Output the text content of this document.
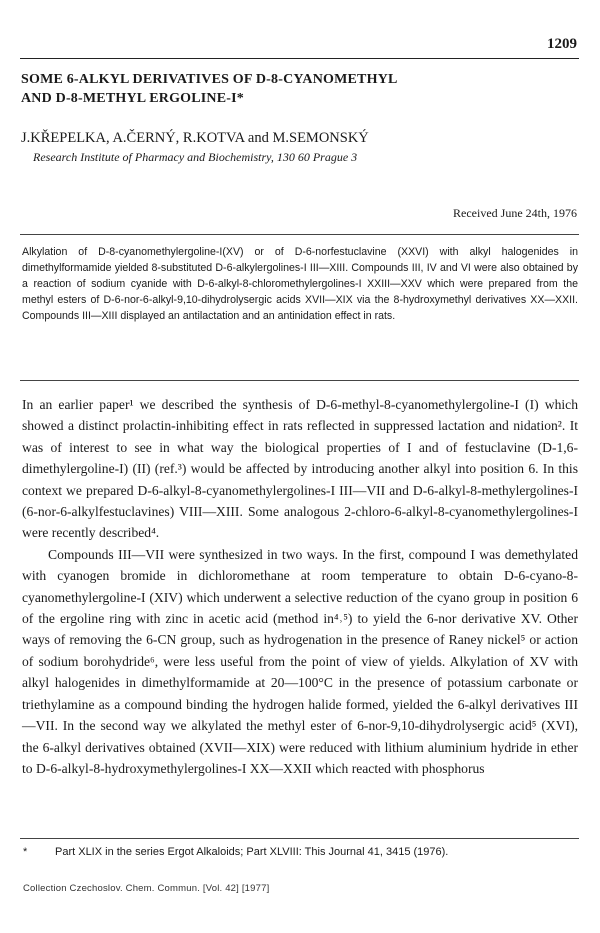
1209
SOME 6-ALKYL DERIVATIVES OF D-8-CYANOMETHYL
AND D-8-METHYL ERGOLINE-I*
J.KŘEPELKA, A.ČERNÝ, R.KOTVA and M.SEMONSKÝ
Research Institute of Pharmacy and Biochemistry, 130 60 Prague 3
Received June 24th, 1976
Alkylation of D-8-cyanomethylergoline-I(XV) or of D-6-norfestuclavine (XXVI) with alkyl halogenides in dimethylformamide yielded 8-substituted D-6-alkylergolines-I III—XIII. Compounds III, IV and VI were also obtained by a reaction of sodium cyanide with D-6-alkyl-8-chloromethylergolines-I XXIII—XXV which were prepared from the methyl esters of D-6-nor-6-alkyl-9,10-dihydrolysergic acids XVII—XIX via the 8-hydroxymethyl derivatives XX—XXII. Compounds III—XIII displayed an antilactation and an antinidation effect in rats.

In an earlier paper¹ we described the synthesis of D-6-methyl-8-cyanomethylergoline-I (I) which showed a distinct prolactin-inhibiting effect in rats reflected in suppressed lactation and nidation². It was of interest to see in what way the biological properties of I and of festuclavine (D-1,6-dimethylergoline-I) (II) (ref.³) would be affected by introducing another alkyl into position 6. In this context we prepared D-6-alkyl-8-cyanomethylergolines-I III—VII and D-6-alkyl-8-methylergolines-I (6-nor-6-alkylfestuclavines) VIII—XIII. Some analogous 2-chloro-6-alkyl-8-cyanomethylergolines-I were recently described⁴.

Compounds III—VII were synthesized in two ways. In the first, compound I was demethylated with cyanogen bromide in dichloromethane at room temperature to obtain D-6-cyano-8-cyanomethylergoline-I (XIV) which underwent a selective reduction of the cyano group in position 6 of the ergoline ring with zinc in acetic acid (method in⁴˒⁵) to yield the 6-nor derivative XV. Other ways of removing the 6-CN group, such as hydrogenation in the presence of Raney nickel⁵ or action of sodium borohydride⁶, were less useful from the point of view of yields. Alkylation of XV with alkyl halogenides in dimethylformamide at 20—100°C in the presence of potassium carbonate or triethylamine as a compound binding the hydrogen halide formed, yielded the 6-alkyl derivatives III—VII. In the second way we alkylated the methyl ester of 6-nor-9,10-dihydrolysergic acid⁵ (XVI), the 6-alkyl derivatives obtained (XVII—XIX) were reduced with lithium aluminium hydride in ether to D-6-alkyl-8-hydroxymethylergolines-I XX—XXII which reacted with phosphorus

*	Part XLIX in the series Ergot Alkaloids; Part XLVIII: This Journal 41, 3415 (1976).
Collection Czechoslov. Chem. Commun. [Vol. 42] [1977]
